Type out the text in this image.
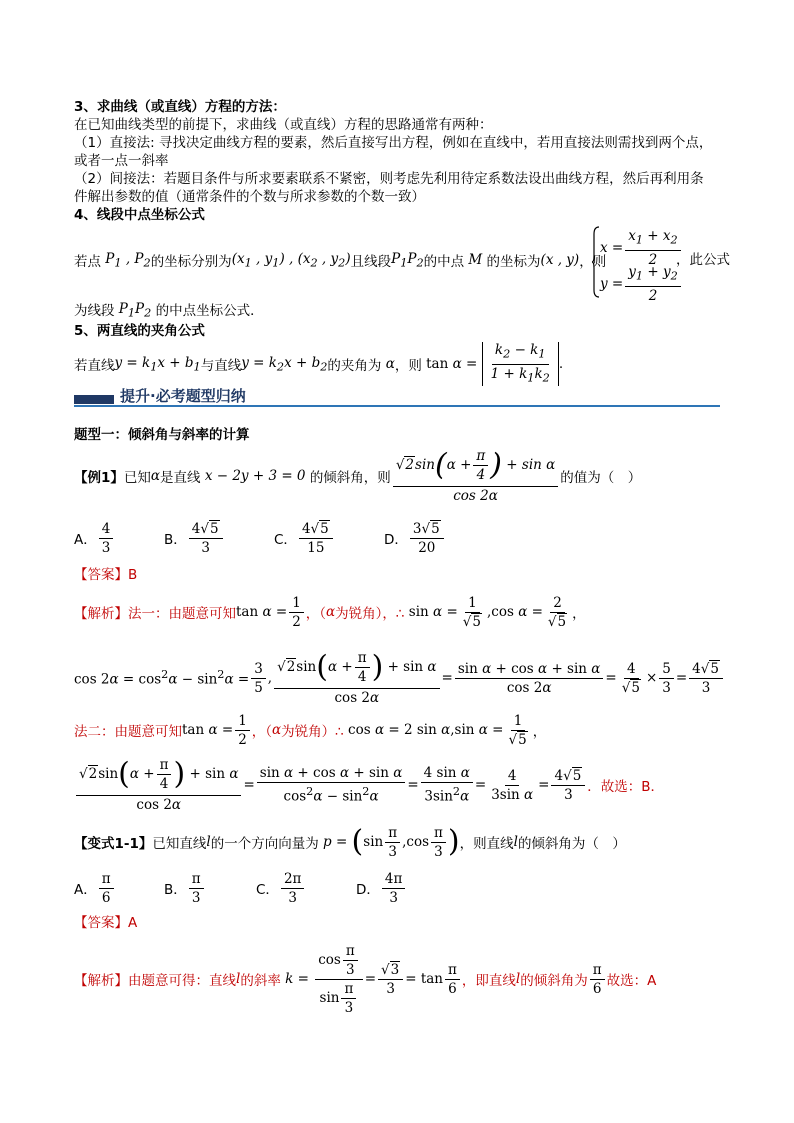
3、求曲线（或直线）方程的方法：
在已知曲线类型的前提下，求曲线（或直线）方程的思路通常有两种：
（1）直接法: 寻找决定曲线方程的要素，然后直接写出方程，例如在直线中，若用直接法则需找到两个点，
或者一点一斜率
（2）间接法：若题目条件与所求要素联系不紧密，则考虑先利用待定系数法设出曲线方程，然后再利用条
件解出参数的值（通常条件的个数与所求参数的个数一致）
4、线段中点坐标公式
若点 $P_1$ , $P_2$ 的坐标分别为 ($x_1$ , $y_1$) , ($x_2$ , $y_2$) 且线段 $P_1P_2$ 的中点 M 的坐标为 (x , y) ，则
$x = \frac{x_1 + x_2}{2}$
$y = \frac{y_1 + y_2}{2}$
，此公式
为线段 $P_1P_2$ 的中点坐标公式．
5、两直线的夹角公式
若直线 $y = k_1x + b_1$ 与直线 $y = k_2x + b_2$ 的夹角为 α ，则 $\tan \alpha = \frac{k_2 - k_1}{1 + k_1k_2}$ .
提升·必考题型归纳
题型一：倾斜角与斜率的计算
【例1】 已知 α 是直线 x − 2y + 3 = 0 的倾斜角，则 $\frac{√2\sin(\alpha + \frac{\pi}{4} ) + \sin \alpha}{\cos 2\alpha}$ 的值为（　）
A． $\frac{4}{3}$	B． $\frac{4√5}{3}$	C． $\frac{4√5}{15}$	D． $\frac{3√5}{20}$
【答案】B
【解析】 法一：由题意可知 $\tan \alpha = \frac{1}{2}$ ，（ α 为锐角），∴ $\sin \alpha = \frac{1}{√5} ,\cos$ $\alpha = \frac{2}{√5}$ ，
$\cos 2\alpha = \cos^2\alpha - \sin^2\alpha = \frac{3}{5}$ , $\frac{√2\sin(\alpha + \frac{\pi}{4} ) + \sin \alpha}{\cos 2\alpha} = \frac{\text{sin α + cos α + sin α}}{\cos 2\alpha} = \frac{4}{√5} \times \frac{5}{3} = \frac{4√5}{3}$
法二：由题意可知 $\tan \alpha = \frac{1}{2}$ ，（ α 为锐角）∴ cos α = 2 sin α,sin $\alpha = \frac{1}{√5}$ ，
$\frac{√2\sin(\alpha + \frac{\pi}{4} ) + \sin \alpha}{\cos 2\alpha} = \frac{\text{sin α + cos α + sin α}}{\cos^2\alpha - \sin^2\alpha} = \frac{\text{4 sin α}}{3\sin^2\alpha} = \frac{4}{\text{3sin α}} = \frac{4√5}{3}$ ．故选：B．
【变式1-1】 已知直线 l 的一个方向向量为 p = ( $\sin \frac{\pi}{3} ,\cos \frac{\pi}{3}$ ) ，则直线 l 的倾斜角为（　）
A． $\frac{\pi}{6}$	B． $\frac{\pi}{3}$	C． $\frac{2\pi}{3}$	D． $\frac{4\pi}{3}$
【答案】A
【解析】 由题意可得：直线 l 的斜率 $k = \frac{\cos \frac{\pi}{3}}{\sin \frac{\pi}{3}} = \frac{√3}{3} = \tan \frac{\pi}{6}$ ，即直线 l 的倾斜角为 $\frac{\pi}{6}$ 故选：A
